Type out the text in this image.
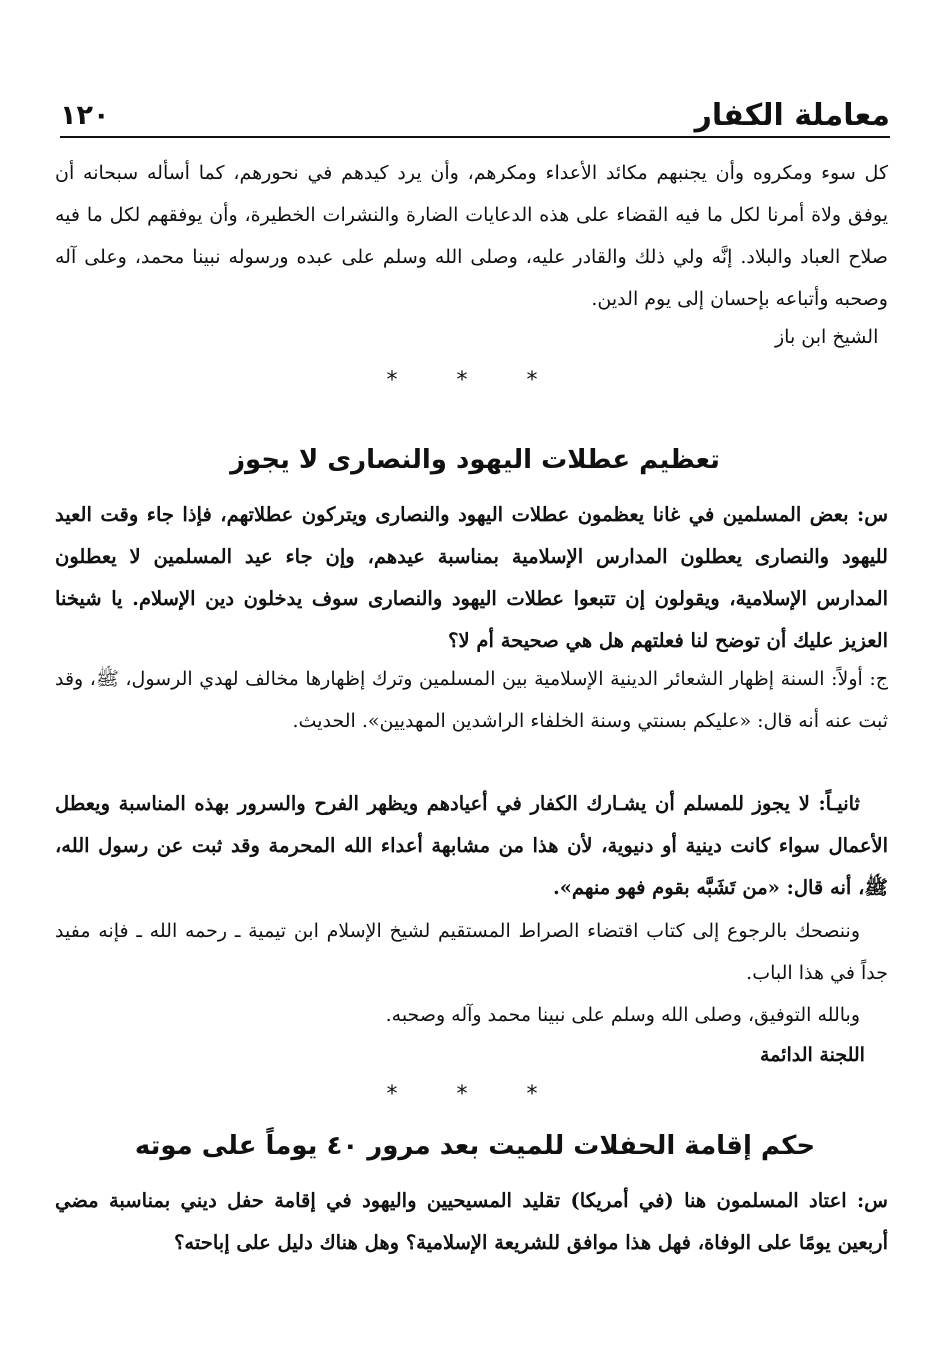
معاملة الكفار
١٢٠
كل سوء ومكروه وأن يجنبهم مكائد الأعداء ومكرهم، وأن يرد كيدهم في نحورهم، كما أسأله سبحانه أن يوفق ولاة أمرنا لكل ما فيه القضاء على هذه الدعايات الضارة والنشرات الخطيرة، وأن يوفقهم لكل ما فيه صلاح العباد والبلاد. إنَّه ولي ذلك والقادر عليه، وصلى الله وسلم على عبده ورسوله نبينا محمد، وعلى آله وصحبه وأتباعه بإحسان إلى يوم الدين.
الشيخ ابن باز
* * *
تعظيم عطلات اليهود والنصارى لا يجوز
س: بعض المسلمين في غانا يعظمون عطلات اليهود والنصارى ويتركون عطلاتهم، فإذا جاء وقت العيد لليهود والنصارى يعطلون المدارس الإسلامية بمناسبة عيدهم، وإن جاء عيد المسلمين لا يعطلون المدارس الإسلامية، ويقولون إن تتبعوا عطلات اليهود والنصارى سوف يدخلون دين الإسلام. يا شيخنا العزيز عليك أن توضح لنا فعلتهم هل هي صحيحة أم لا؟
ج: أولاً: السنة إظهار الشعائر الدينية الإسلامية بين المسلمين وترك إظهارها مخالف لهدي الرسول، ﷺ، وقد ثبت عنه أنه قال: «عليكم بسنتي وسنة الخلفاء الراشدين المهديين». الحديث.
ثانيـاً: لا يجوز للمسلم أن يشـارك الكفار في أعيادهم ويظهر الفرح والسرور بهذه المناسبة ويعطل الأعمال سواء كانت دينية أو دنيوية، لأن هذا من مشابهة أعداء الله المحرمة وقد ثبت عن رسول الله، ﷺ، أنه قال: «من تَشَبَّه بقوم فهو منهم».
وننصحك بالرجوع إلى كتاب اقتضاء الصراط المستقيم لشيخ الإسلام ابن تيمية ـ رحمه الله ـ فإنه مفيد جداً في هذا الباب.
وبالله التوفيق، وصلى الله وسلم على نبينا محمد وآله وصحبه.
اللجنة الدائمة
* * *
حكم إقامة الحفلات للميت بعد مرور ٤٠ يوماً على موته
س: اعتاد المسلمون هنا (في أمريكا) تقليد المسيحيين واليهود في إقامة حفل ديني بمناسبة مضي أربعين يومًا على الوفاة، فهل هذا موافق للشريعة الإسلامية؟ وهل هناك دليل على إباحته؟
